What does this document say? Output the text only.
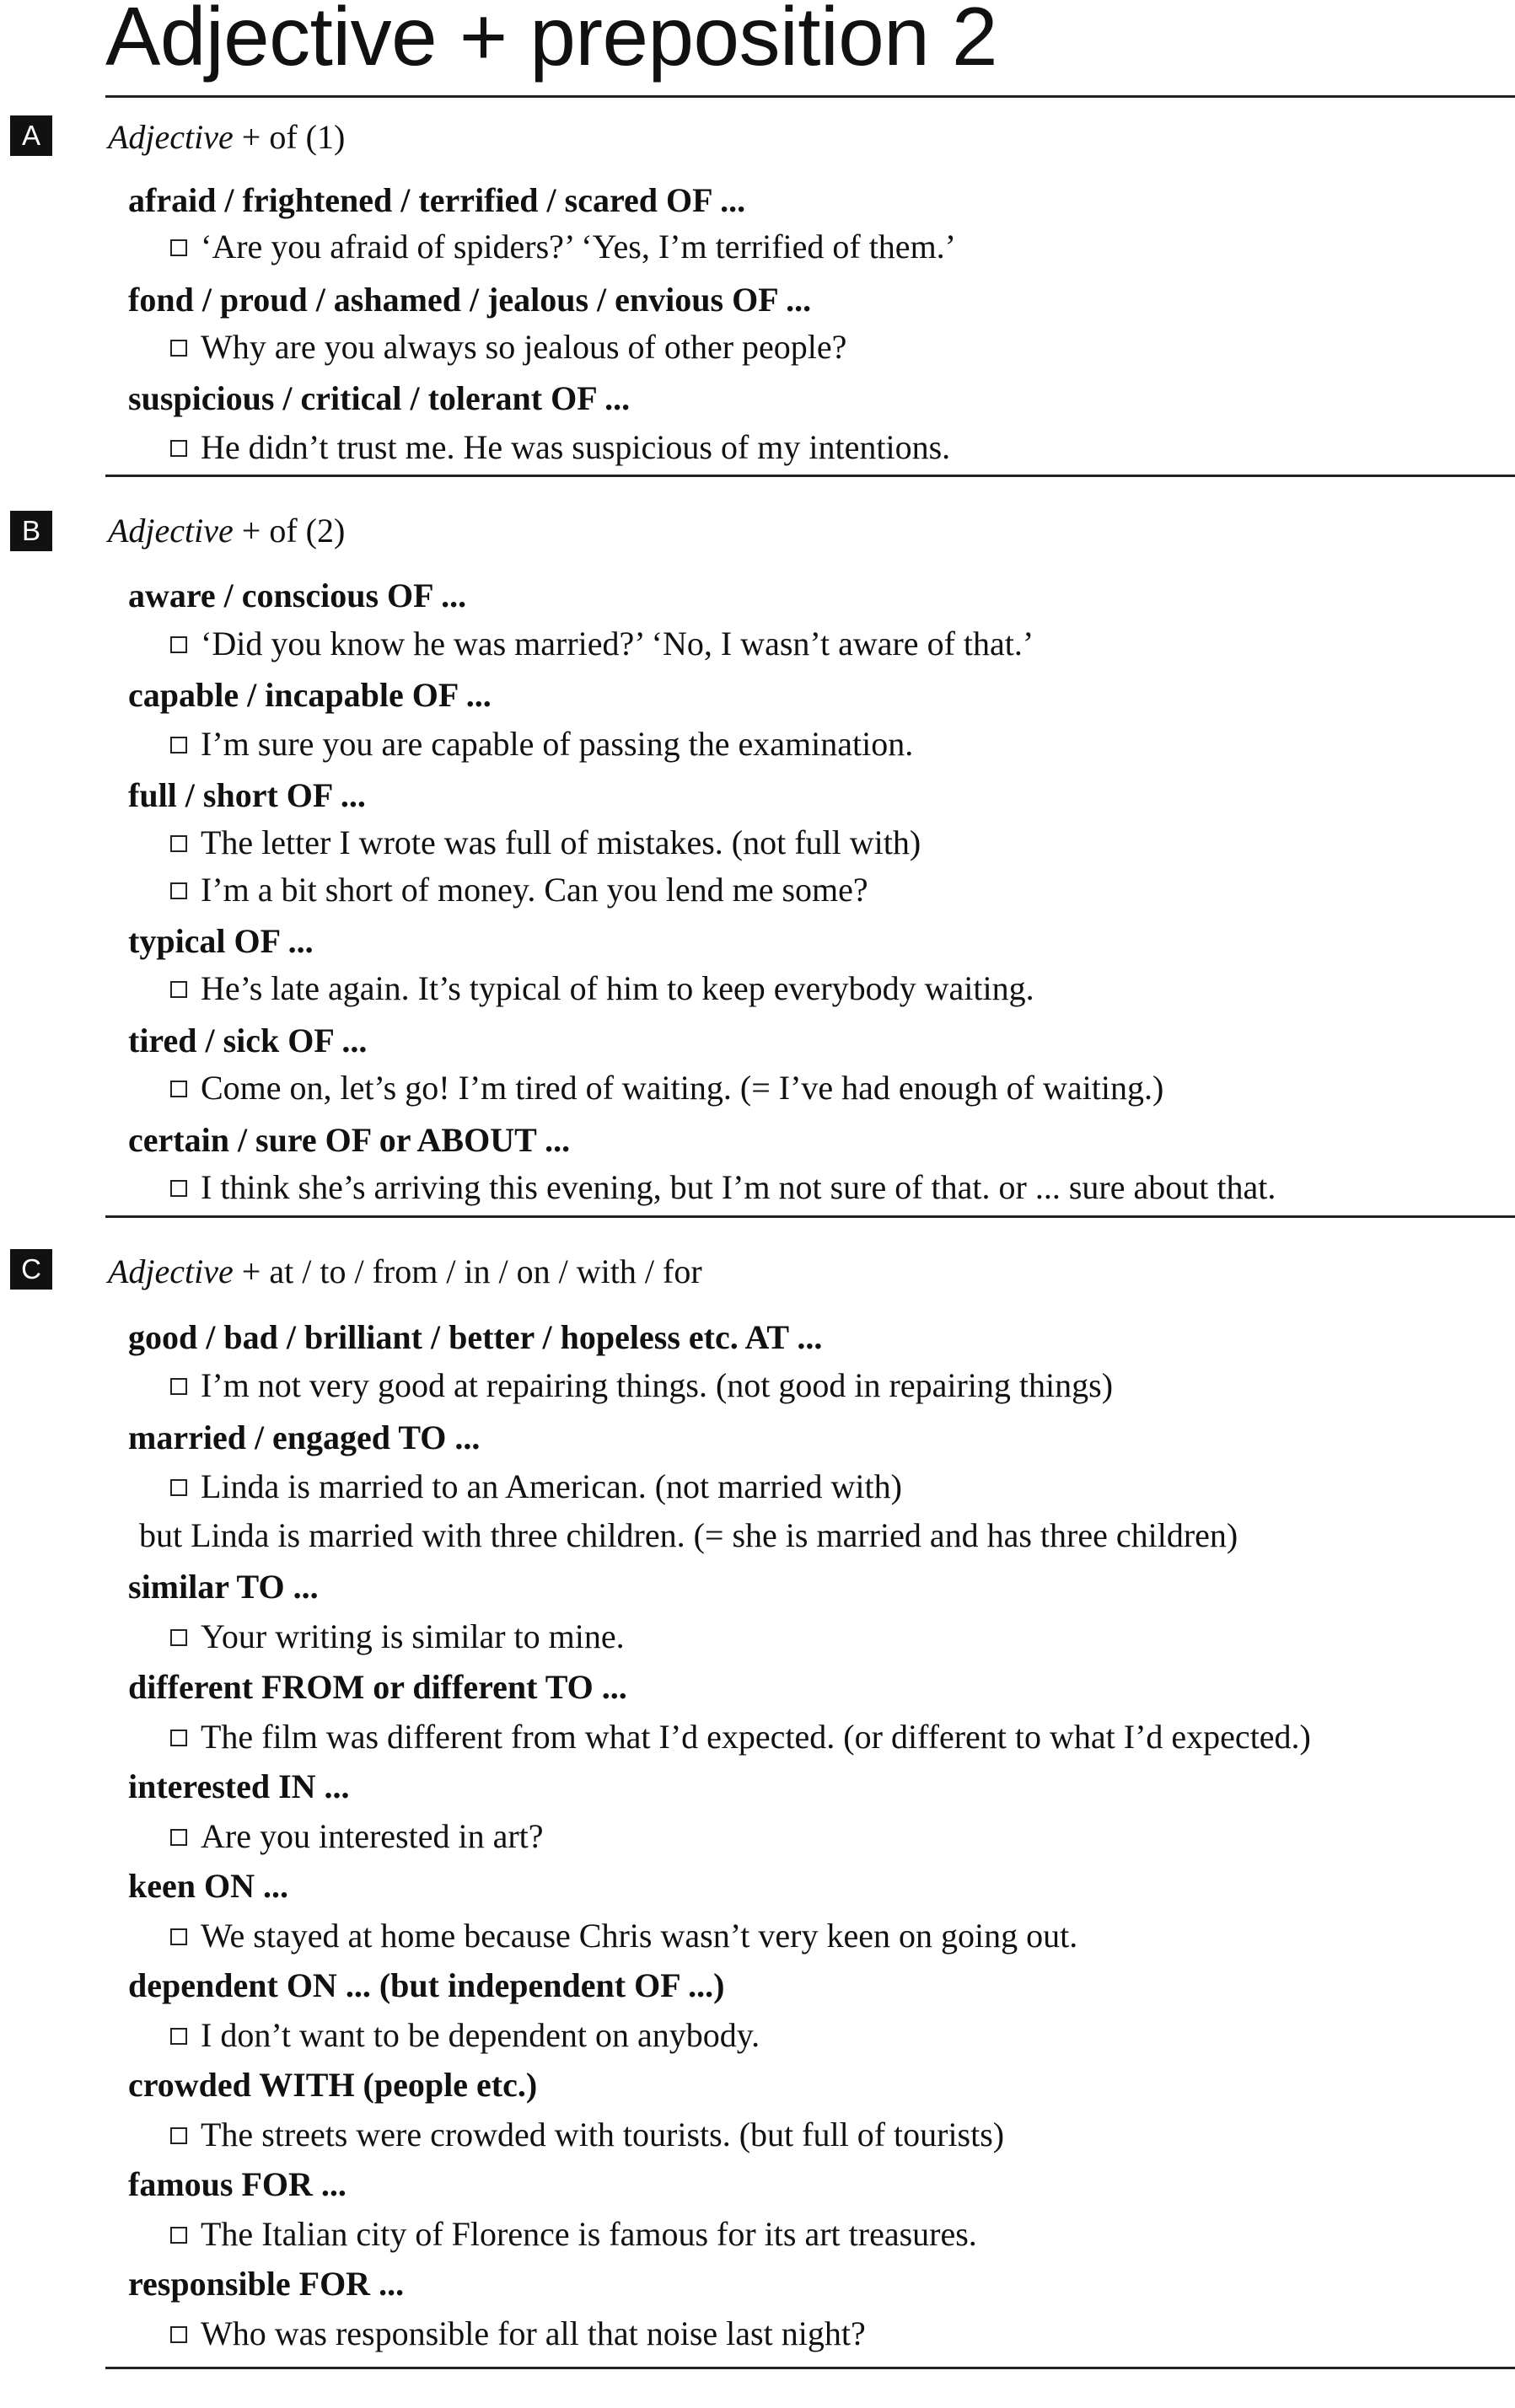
Adjective + preposition 2
A	Adjective + of (1)
afraid / frightened / terrified / scared OF ...
‘Are you afraid of spiders?’ ‘Yes, I’m terrified of them.’
fond / proud / ashamed / jealous / envious OF ...
Why are you always so jealous of other people?
suspicious / critical / tolerant OF ...
He didn’t trust me. He was suspicious of my intentions.
B	Adjective + of (2)
aware / conscious OF ...
‘Did you know he was married?’ ‘No, I wasn’t aware of that.’
capable / incapable OF ...
I’m sure you are capable of passing the examination.
full / short OF ...
The letter I wrote was full of mistakes. (not full with)
I’m a bit short of money. Can you lend me some?
typical OF ...
He’s late again. It’s typical of him to keep everybody waiting.
tired / sick OF ...
Come on, let’s go! I’m tired of waiting. (= I’ve had enough of waiting.)
certain / sure OF or ABOUT ...
I think she’s arriving this evening, but I’m not sure of that. or ... sure about that.
C	Adjective + at / to / from / in / on / with / for
good / bad / brilliant / better / hopeless etc. AT ...
I’m not very good at repairing things. (not good in repairing things)
married / engaged TO ...
Linda is married to an American. (not married with)
but Linda is married with three children. (= she is married and has three children)
similar TO ...
Your writing is similar to mine.
different FROM or different TO ...
The film was different from what I’d expected. (or different to what I’d expected.)
interested IN ...
Are you interested in art?
keen ON ...
We stayed at home because Chris wasn’t very keen on going out.
dependent ON ... (but independent OF ...)
I don’t want to be dependent on anybody.
crowded WITH (people etc.)
The streets were crowded with tourists. (but full of tourists)
famous FOR ...
The Italian city of Florence is famous for its art treasures.
responsible FOR ...
Who was responsible for all that noise last night?
